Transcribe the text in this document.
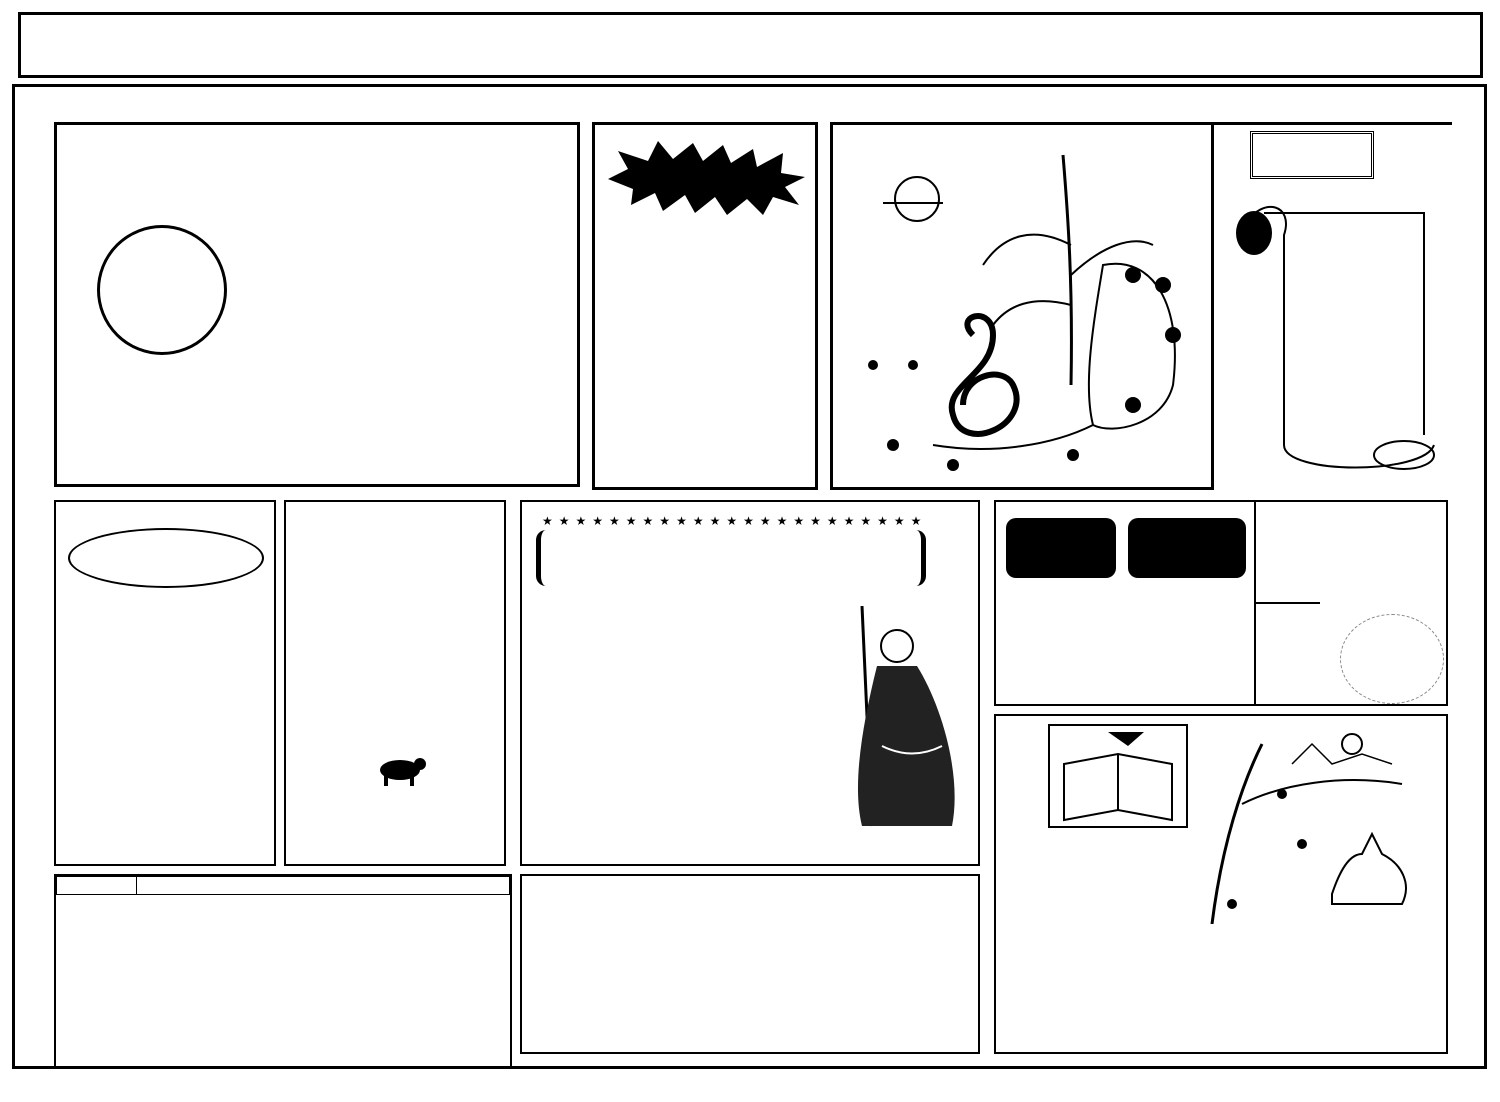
★★★★★★★★★★★★★★★★★★★★★★★
